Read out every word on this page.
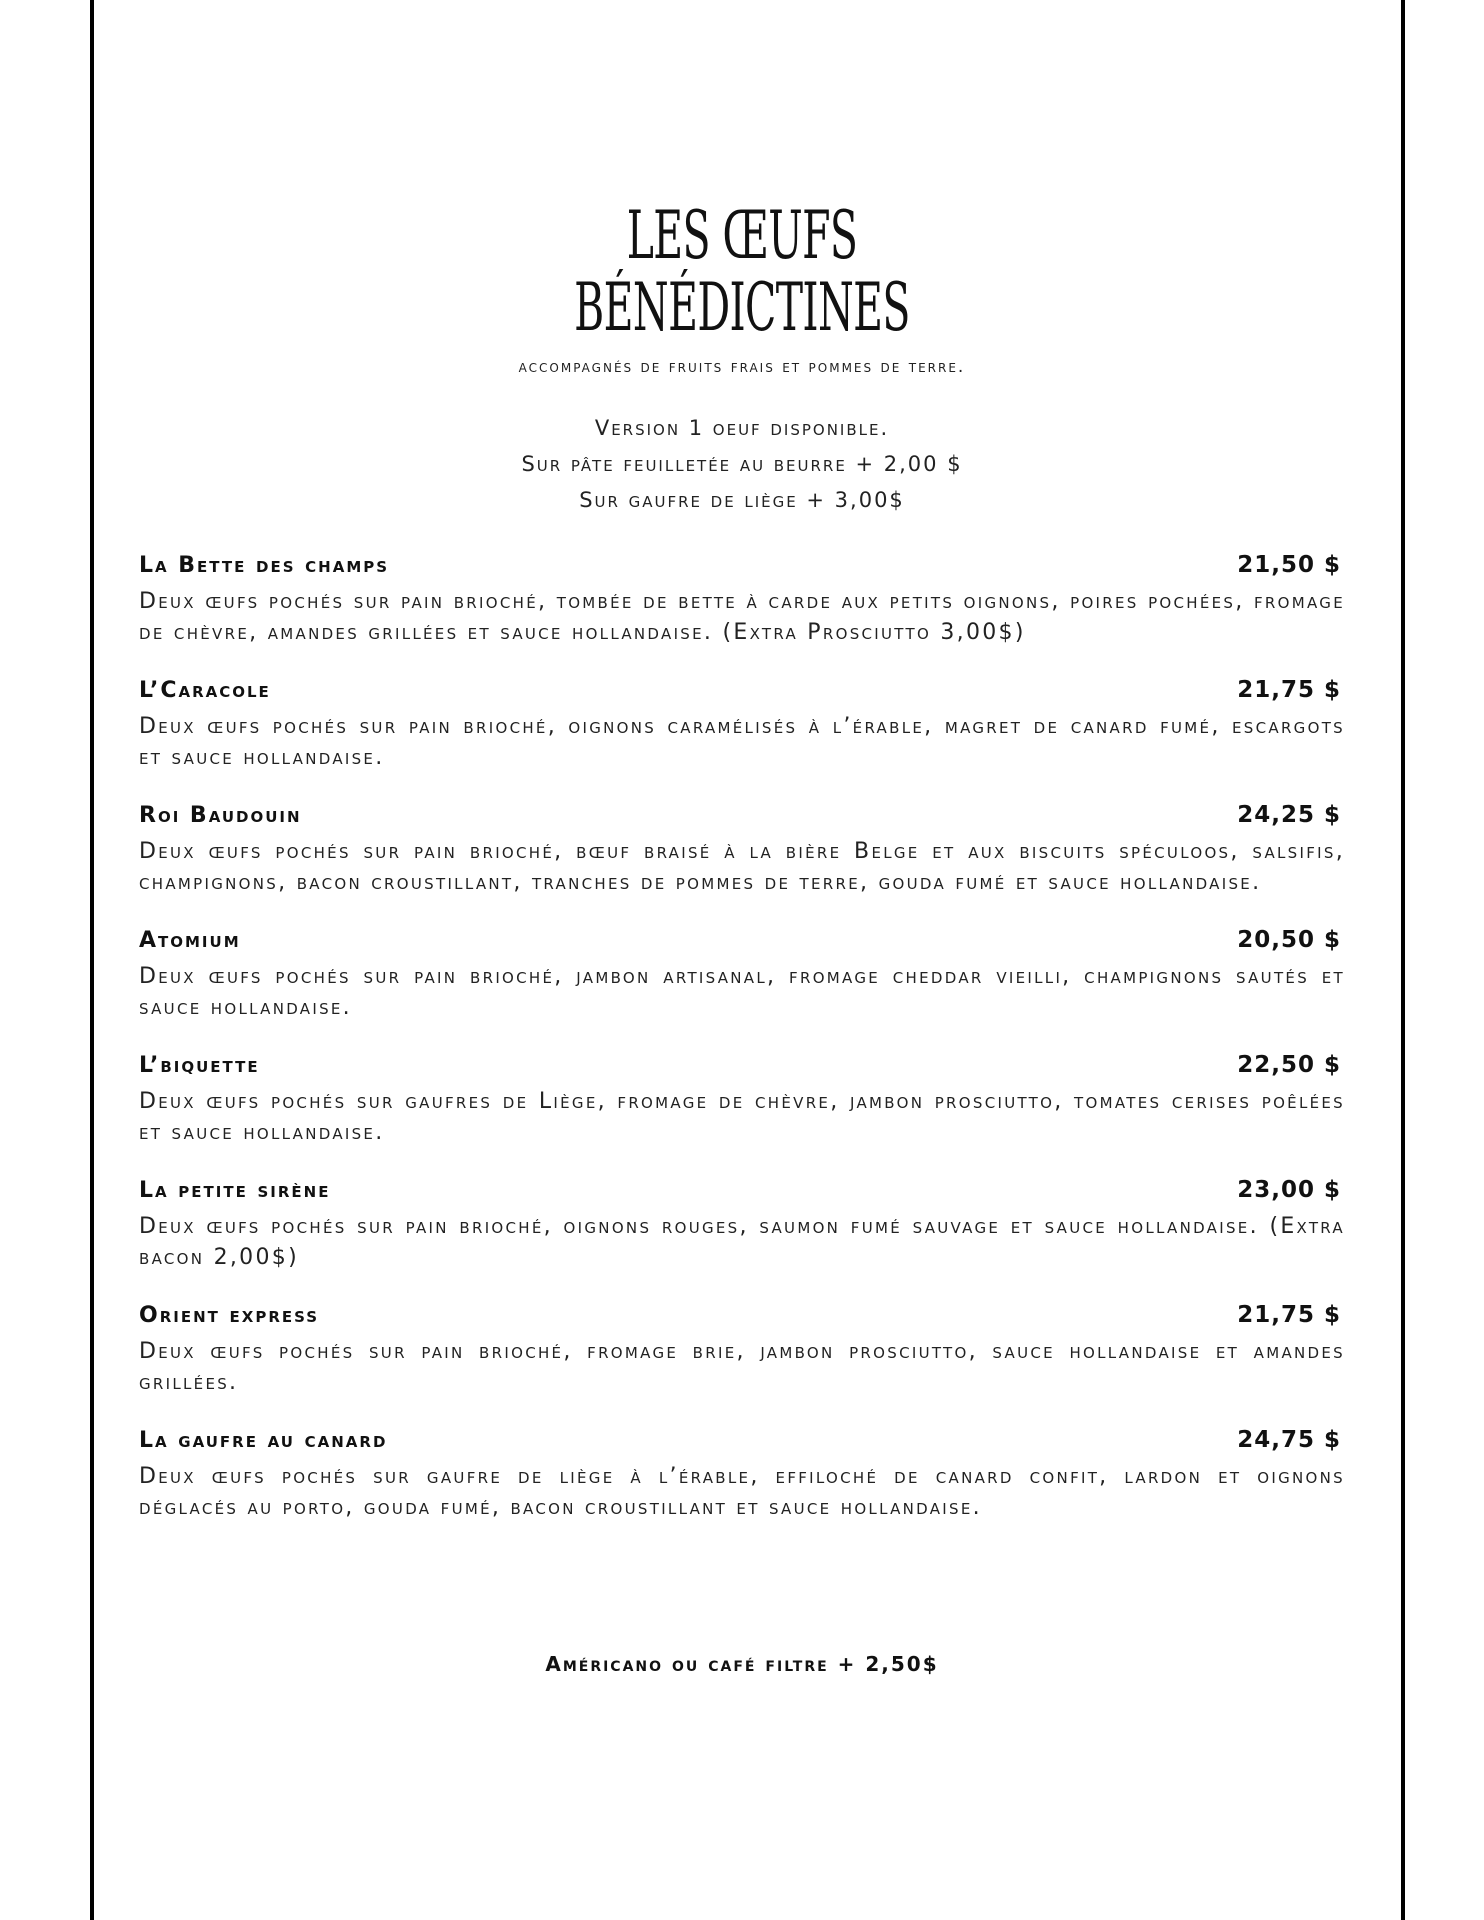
LES ŒUFS
BÉNÉDICTINES
accompagnés de fruits frais et pommes de terre.
Version 1 oeuf disponible.
Sur pâte feuilletée au beurre + 2,00 $
Sur gaufre de liège + 3,00$
La Bette des champs	21,50 $
Deux œufs pochés sur pain brioché, tombée de bette à carde aux petits oignons, poires pochées, fromage de chèvre, amandes grillées et sauce hollandaise. (Extra Prosciutto 3,00$)
L’Caracole	21,75 $
Deux œufs pochés sur pain brioché, oignons caramélisés à l’érable, magret de canard fumé, escargots et sauce hollandaise.
Roi Baudouin	24,25 $
Deux œufs pochés sur pain brioché, bœuf braisé à la bière Belge et aux biscuits spéculoos, salsifis, champignons, bacon croustillant, tranches de pommes de terre, gouda fumé et sauce hollandaise.
Atomium	20,50 $
Deux œufs pochés sur pain brioché, jambon artisanal, fromage cheddar vieilli, champignons sautés et sauce hollandaise.
L’biquette	22,50 $
Deux œufs pochés sur gaufres de Liège, fromage de chèvre, jambon prosciutto, tomates cerises poêlées et sauce hollandaise.
La petite sirène	23,00 $
Deux œufs pochés sur pain brioché, oignons rouges, saumon fumé sauvage et sauce hollandaise. (Extra bacon 2,00$)
Orient express	21,75 $
Deux œufs pochés sur pain brioché, fromage brie, jambon prosciutto, sauce hollandaise et amandes grillées.
La gaufre au canard	24,75 $
Deux œufs pochés sur gaufre de liège à l’érable, effiloché de canard confit, lardon et oignons déglacés au porto, gouda fumé, bacon croustillant et sauce hollandaise.
Américano ou café filtre + 2,50$
